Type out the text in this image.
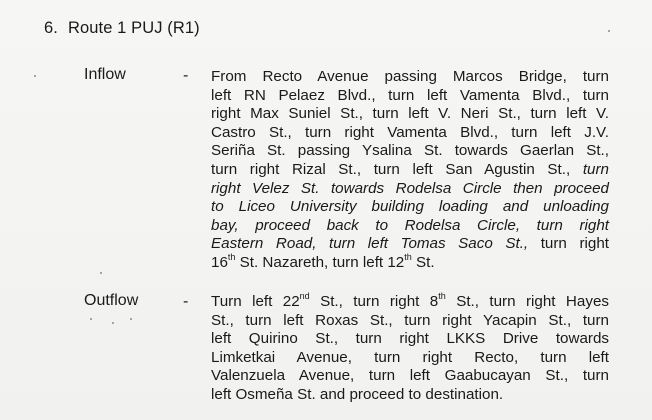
6. Route 1 PUJ (R1)
Inflow	- From Recto Avenue passing Marcos Bridge, turn
left RN Pelaez Blvd., turn left Vamenta Blvd., turn
right Max Suniel St., turn left V. Neri St., turn left V.
Castro St., turn right Vamenta Blvd., turn left J.V.
Seriña St. passing Ysalina St. towards Gaerlan St.,
turn right Rizal St., turn left San Agustin St., turn
right Velez St. towards Rodelsa Circle then proceed
to Liceo University building loading and unloading
bay, proceed back to Rodelsa Circle, turn right
Eastern Road, turn left Tomas Saco St., turn right
16th St. Nazareth, turn left 12th St.
Outflow	- Turn left 22nd St., turn right 8th St., turn right Hayes
St., turn left Roxas St., turn right Yacapin St., turn
left Quirino St., turn right LKKS Drive towards
Limketkai Avenue, turn right Recto, turn left
Valenzuela Avenue, turn left Gaabucayan St., turn
left Osmeña St. and proceed to destination.
